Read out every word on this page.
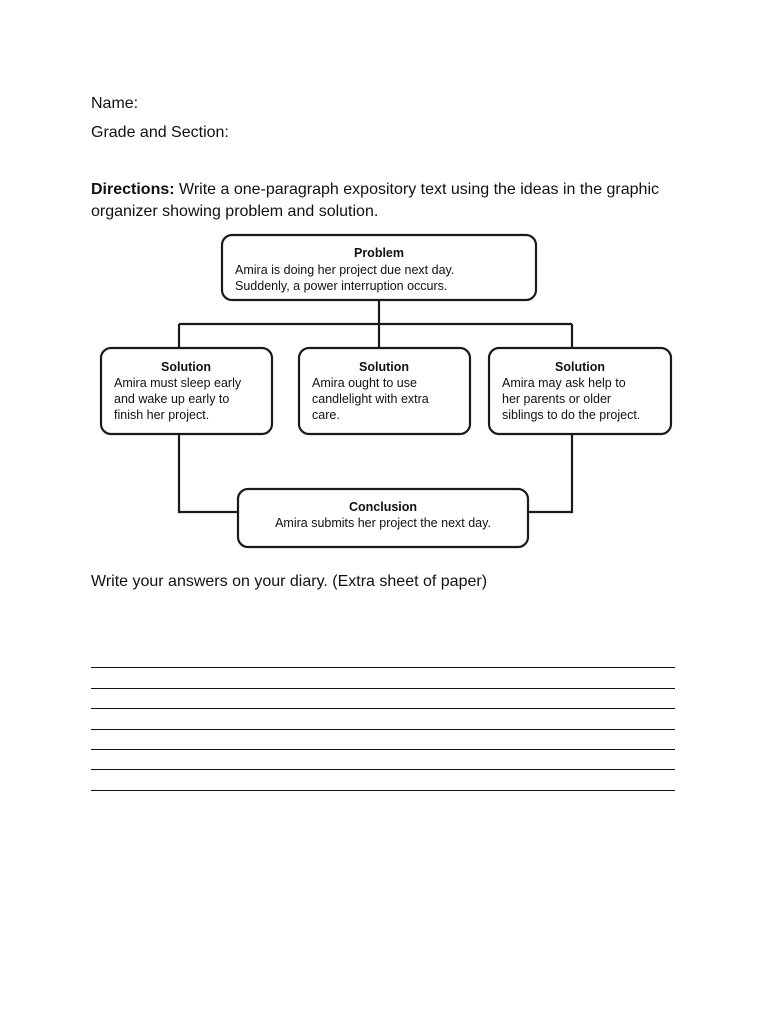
Name:
Grade and Section:
Directions: Write a one-paragraph expository text using the ideas in the graphic organizer showing problem and solution.
Problem
Amira is doing her project due next day.
Suddenly, a power interruption occurs.
Solution
Amira must sleep early
and wake up early to
finish her project.
Solution
Amira ought to use
candlelight with extra
care.
Solution
Amira may ask help to
her parents or older
siblings to do the project.
Conclusion
Amira submits her project the next day.
Write your answers on your diary. (Extra sheet of paper)
